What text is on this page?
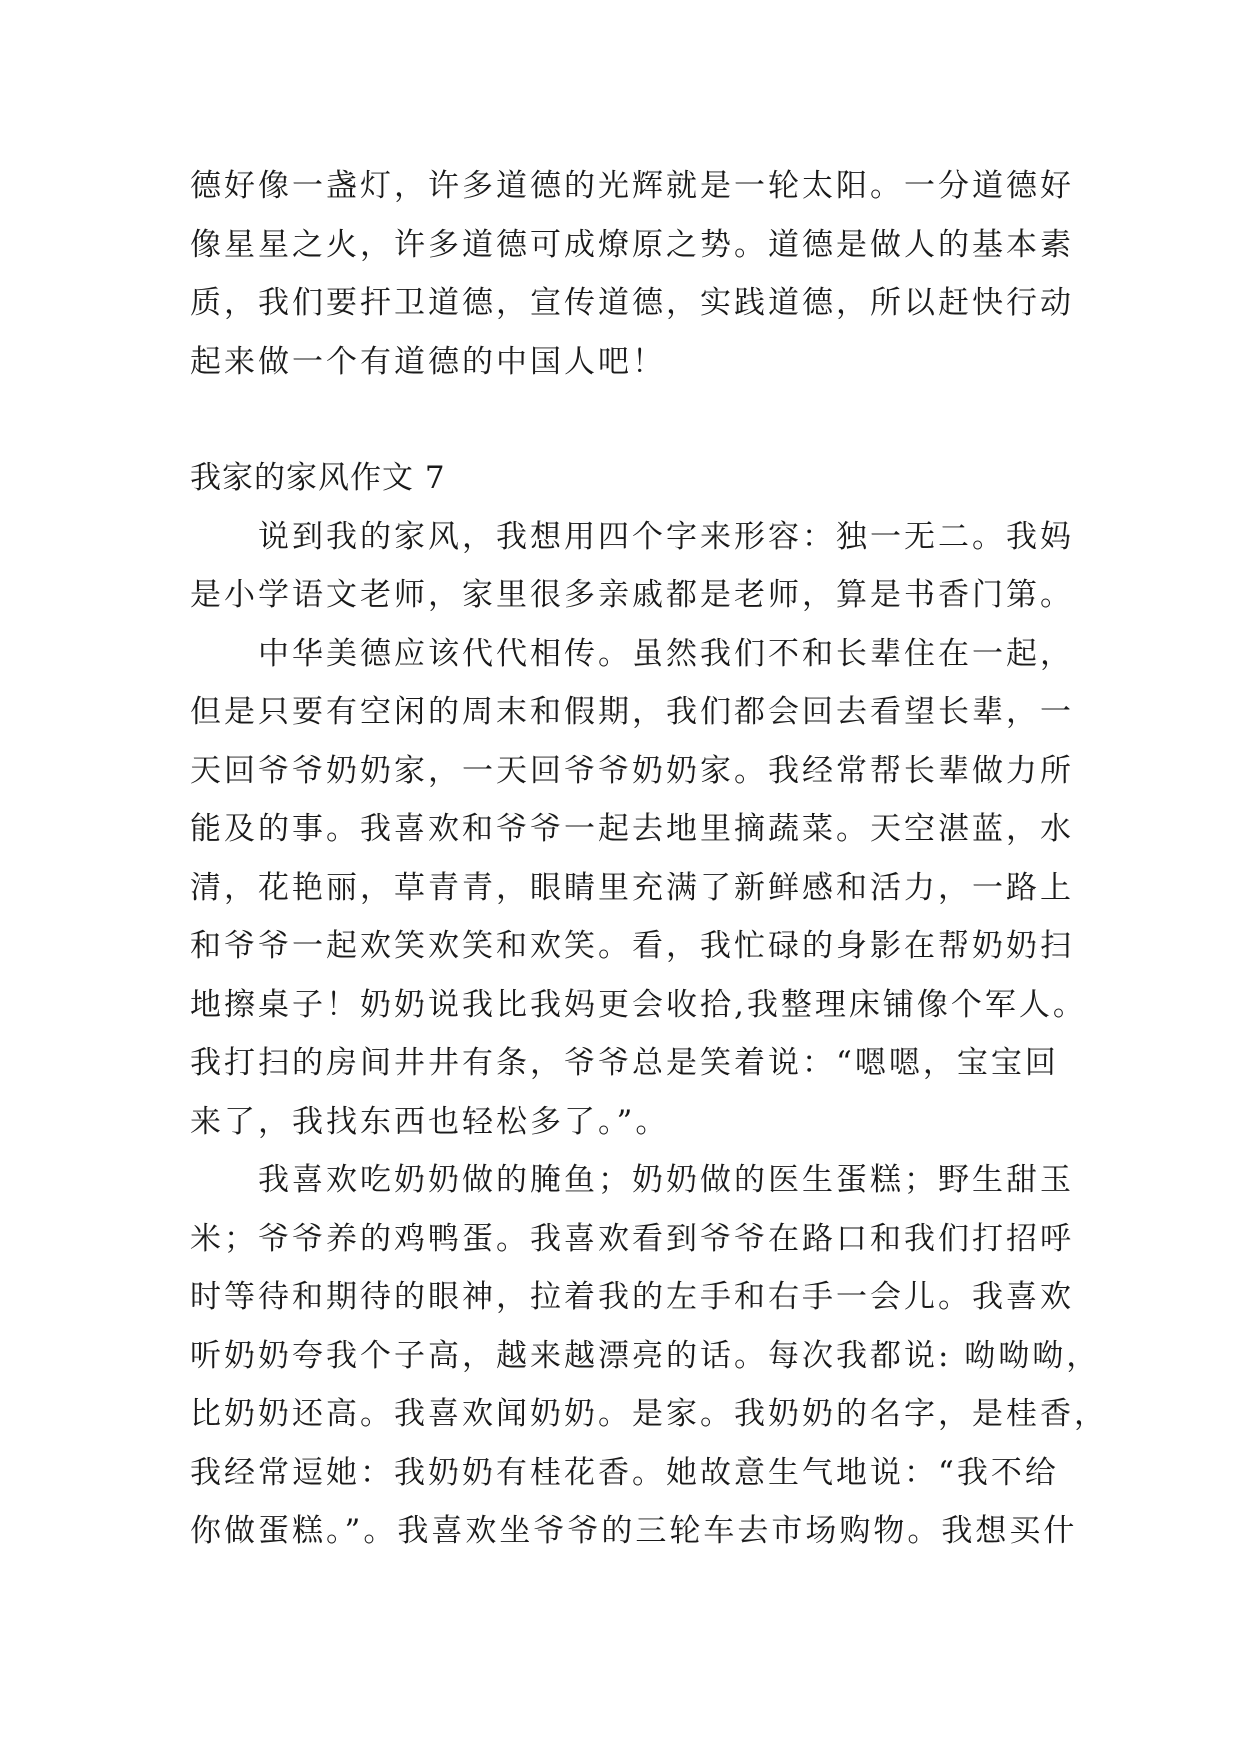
德好像一盏灯，许多道德的光辉就是一轮太阳。一分道德好
像星星之火，许多道德可成燎原之势。道德是做人的基本素
质，我们要扞卫道德，宣传道德，实践道德，所以赶快行动
起来做一个有道德的中国人吧！
我家的家风作文 7
说到我的家风，我想用四个字来形容：独一无二。我妈
是小学语文老师，家里很多亲戚都是老师，算是书香门第。
中华美德应该代代相传。虽然我们不和长辈住在一起，
但是只要有空闲的周末和假期，我们都会回去看望长辈，一
天回爷爷奶奶家，一天回爷爷奶奶家。我经常帮长辈做力所
能及的事。我喜欢和爷爷一起去地里摘蔬菜。天空湛蓝，水
清，花艳丽，草青青，眼睛里充满了新鲜感和活力，一路上
和爷爷一起欢笑欢笑和欢笑。看，我忙碌的身影在帮奶奶扫
地擦桌子！奶奶说我比我妈更会收拾,我整理床铺像个军人。
我打扫的房间井井有条，爷爷总是笑着说：“嗯嗯，宝宝回
来了，我找东西也轻松多了。”。
我喜欢吃奶奶做的腌鱼；奶奶做的医生蛋糕；野生甜玉
米；爷爷养的鸡鸭蛋。我喜欢看到爷爷在路口和我们打招呼
时等待和期待的眼神，拉着我的左手和右手一会儿。我喜欢
听奶奶夸我个子高，越来越漂亮的话。每次我都说: 呦呦呦，
比奶奶还高。我喜欢闻奶奶。是家。我奶奶的名字，是桂香，
我经常逗她：我奶奶有桂花香。她故意生气地说：“我不给
你做蛋糕。”。我喜欢坐爷爷的三轮车去市场购物。我想买什
